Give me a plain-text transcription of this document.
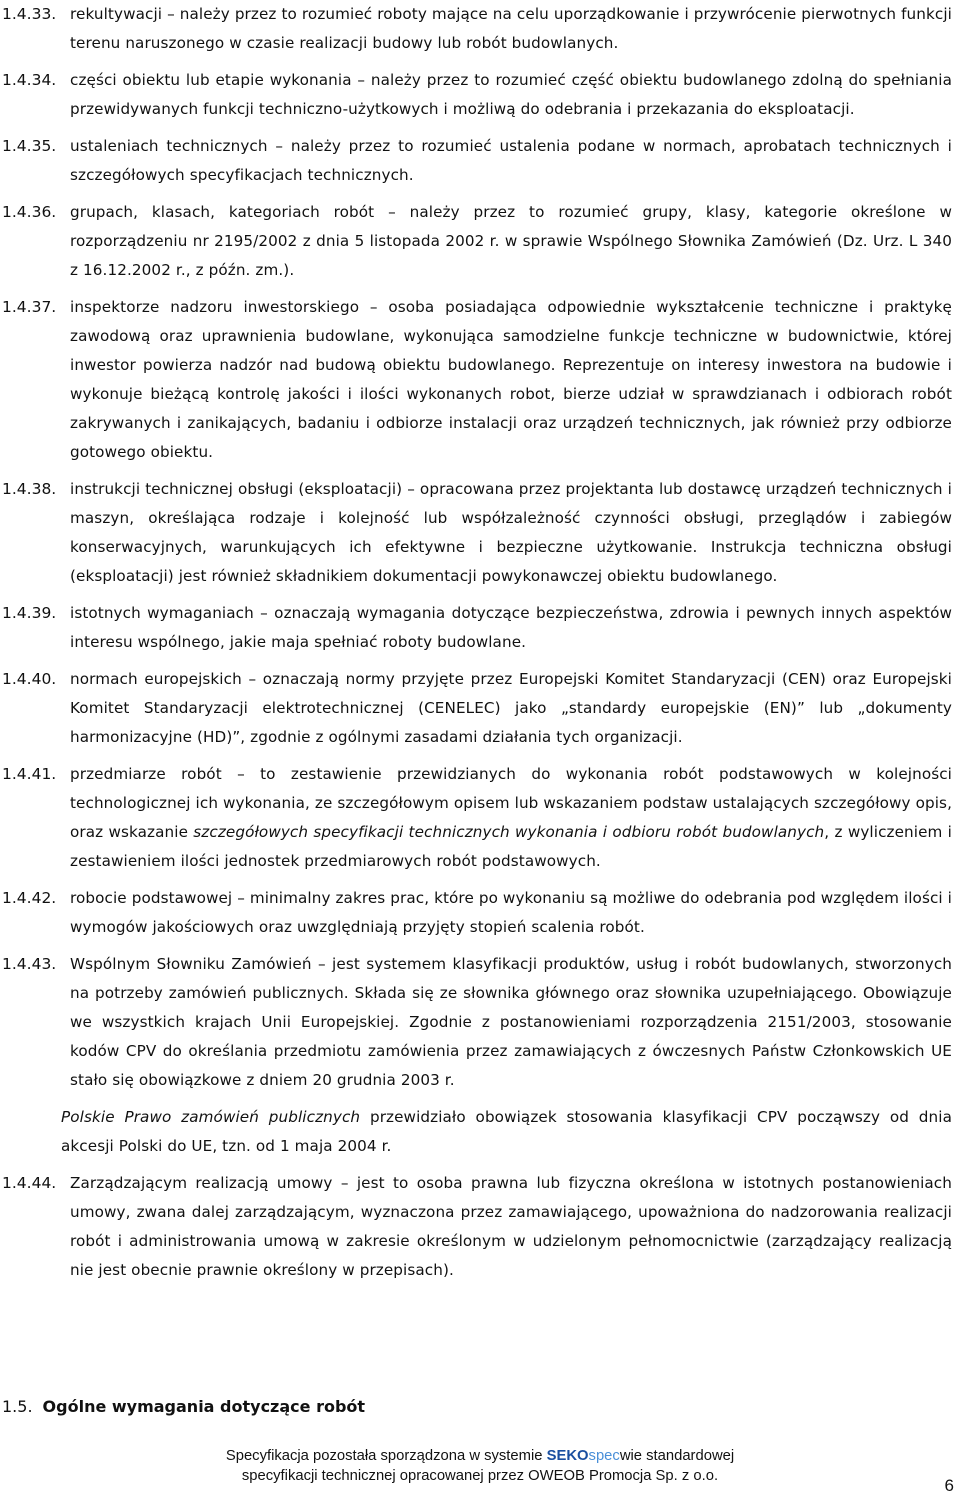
1.4.33. rekultywacji – należy przez to rozumieć roboty mające na celu uporządkowanie i przywrócenie pierwotnych funkcji terenu naruszonego w czasie realizacji budowy lub robót budowlanych.
1.4.34. części obiektu lub etapie wykonania – należy przez to rozumieć część obiektu budowlanego zdolną do spełniania przewidywanych funkcji techniczno-użytkowych i możliwą do odebrania i przekazania do eksploatacji.
1.4.35. ustaleniach technicznych – należy przez to rozumieć ustalenia podane w normach, aprobatach technicznych i szczegółowych specyfikacjach technicznych.
1.4.36. grupach, klasach, kategoriach robót – należy przez to rozumieć grupy, klasy, kategorie określone w rozporządzeniu nr 2195/2002 z dnia 5 listopada 2002 r. w sprawie Wspólnego Słownika Zamówień (Dz. Urz. L 340 z 16.12.2002 r., z późn. zm.).
1.4.37. inspektorze nadzoru inwestorskiego – osoba posiadająca odpowiednie wykształcenie techniczne i praktykę zawodową oraz uprawnienia budowlane, wykonująca samodzielne funkcje techniczne w budownictwie, której inwestor powierza nadzór nad budową obiektu budowlanego. Reprezentuje on interesy inwestora na budowie i wykonuje bieżącą kontrolę jakości i ilości wykonanych robot, bierze udział w sprawdzianach i odbiorach robót zakrywanych i zanikających, badaniu i odbiorze instalacji oraz urządzeń technicznych, jak również przy odbiorze gotowego obiektu.
1.4.38. instrukcji technicznej obsługi (eksploatacji) – opracowana przez projektanta lub dostawcę urządzeń technicznych i maszyn, określająca rodzaje i kolejność lub współzależność czynności obsługi, przeglądów i zabiegów konserwacyjnych, warunkujących ich efektywne i bezpieczne użytkowanie. Instrukcja techniczna obsługi (eksploatacji) jest również składnikiem dokumentacji powykonawczej obiektu budowlanego.
1.4.39. istotnych wymaganiach – oznaczają wymagania dotyczące bezpieczeństwa, zdrowia i pewnych innych aspektów interesu wspólnego, jakie maja spełniać roboty budowlane.
1.4.40. normach europejskich – oznaczają normy przyjęte przez Europejski Komitet Standaryzacji (CEN) oraz Europejski Komitet Standaryzacji elektrotechnicznej (CENELEC) jako „standardy europejskie (EN)” lub „dokumenty harmonizacyjne (HD)”, zgodnie z ogólnymi zasadami działania tych organizacji.
1.4.41. przedmiarze robót – to zestawienie przewidzianych do wykonania robót podstawowych w kolejności technologicznej ich wykonania, ze szczegółowym opisem lub wskazaniem podstaw ustalających szczegółowy opis, oraz wskazanie szczegółowych specyfikacji technicznych wykonania i odbioru robót budowlanych, z wyliczeniem i zestawieniem ilości jednostek przedmiarowych robót podstawowych.
1.4.42. robocie podstawowej – minimalny zakres prac, które po wykonaniu są możliwe do odebrania pod względem ilości i wymogów jakościowych oraz uwzględniają przyjęty stopień scalenia robót.
1.4.43. Wspólnym Słowniku Zamówień – jest systemem klasyfikacji produktów, usług i robót budowlanych, stworzonych na potrzeby zamówień publicznych. Składa się ze słownika głównego oraz słownika uzupełniającego. Obowiązuje we wszystkich krajach Unii Europejskiej. Zgodnie z postanowieniami rozporządzenia 2151/2003, stosowanie kodów CPV do określania przedmiotu zamówienia przez zamawiających z ówczesnych Państw Członkowskich UE stało się obowiązkowe z dniem 20 grudnia 2003 r.
Polskie Prawo zamówień publicznych przewidziało obowiązek stosowania klasyfikacji CPV począwszy od dnia akcesji Polski do UE, tzn. od 1 maja 2004 r.
1.4.44. Zarządzającym realizacją umowy – jest to osoba prawna lub fizyczna określona w istotnych postanowieniach umowy, zwana dalej zarządzającym, wyznaczona przez zamawiającego, upoważniona do nadzorowania realizacji robót i administrowania umową w zakresie określonym w udzielonym pełnomocnictwie (zarządzający realizacją nie jest obecnie prawnie określony w przepisach).
1.5. Ogólne wymagania dotyczące robót
Specyfikacja pozostała sporządzona w systemie SEKOspecwie standardowej
specyfikacji technicznej opracowanej przez OWEOB Promocja Sp. z o.o.	6
